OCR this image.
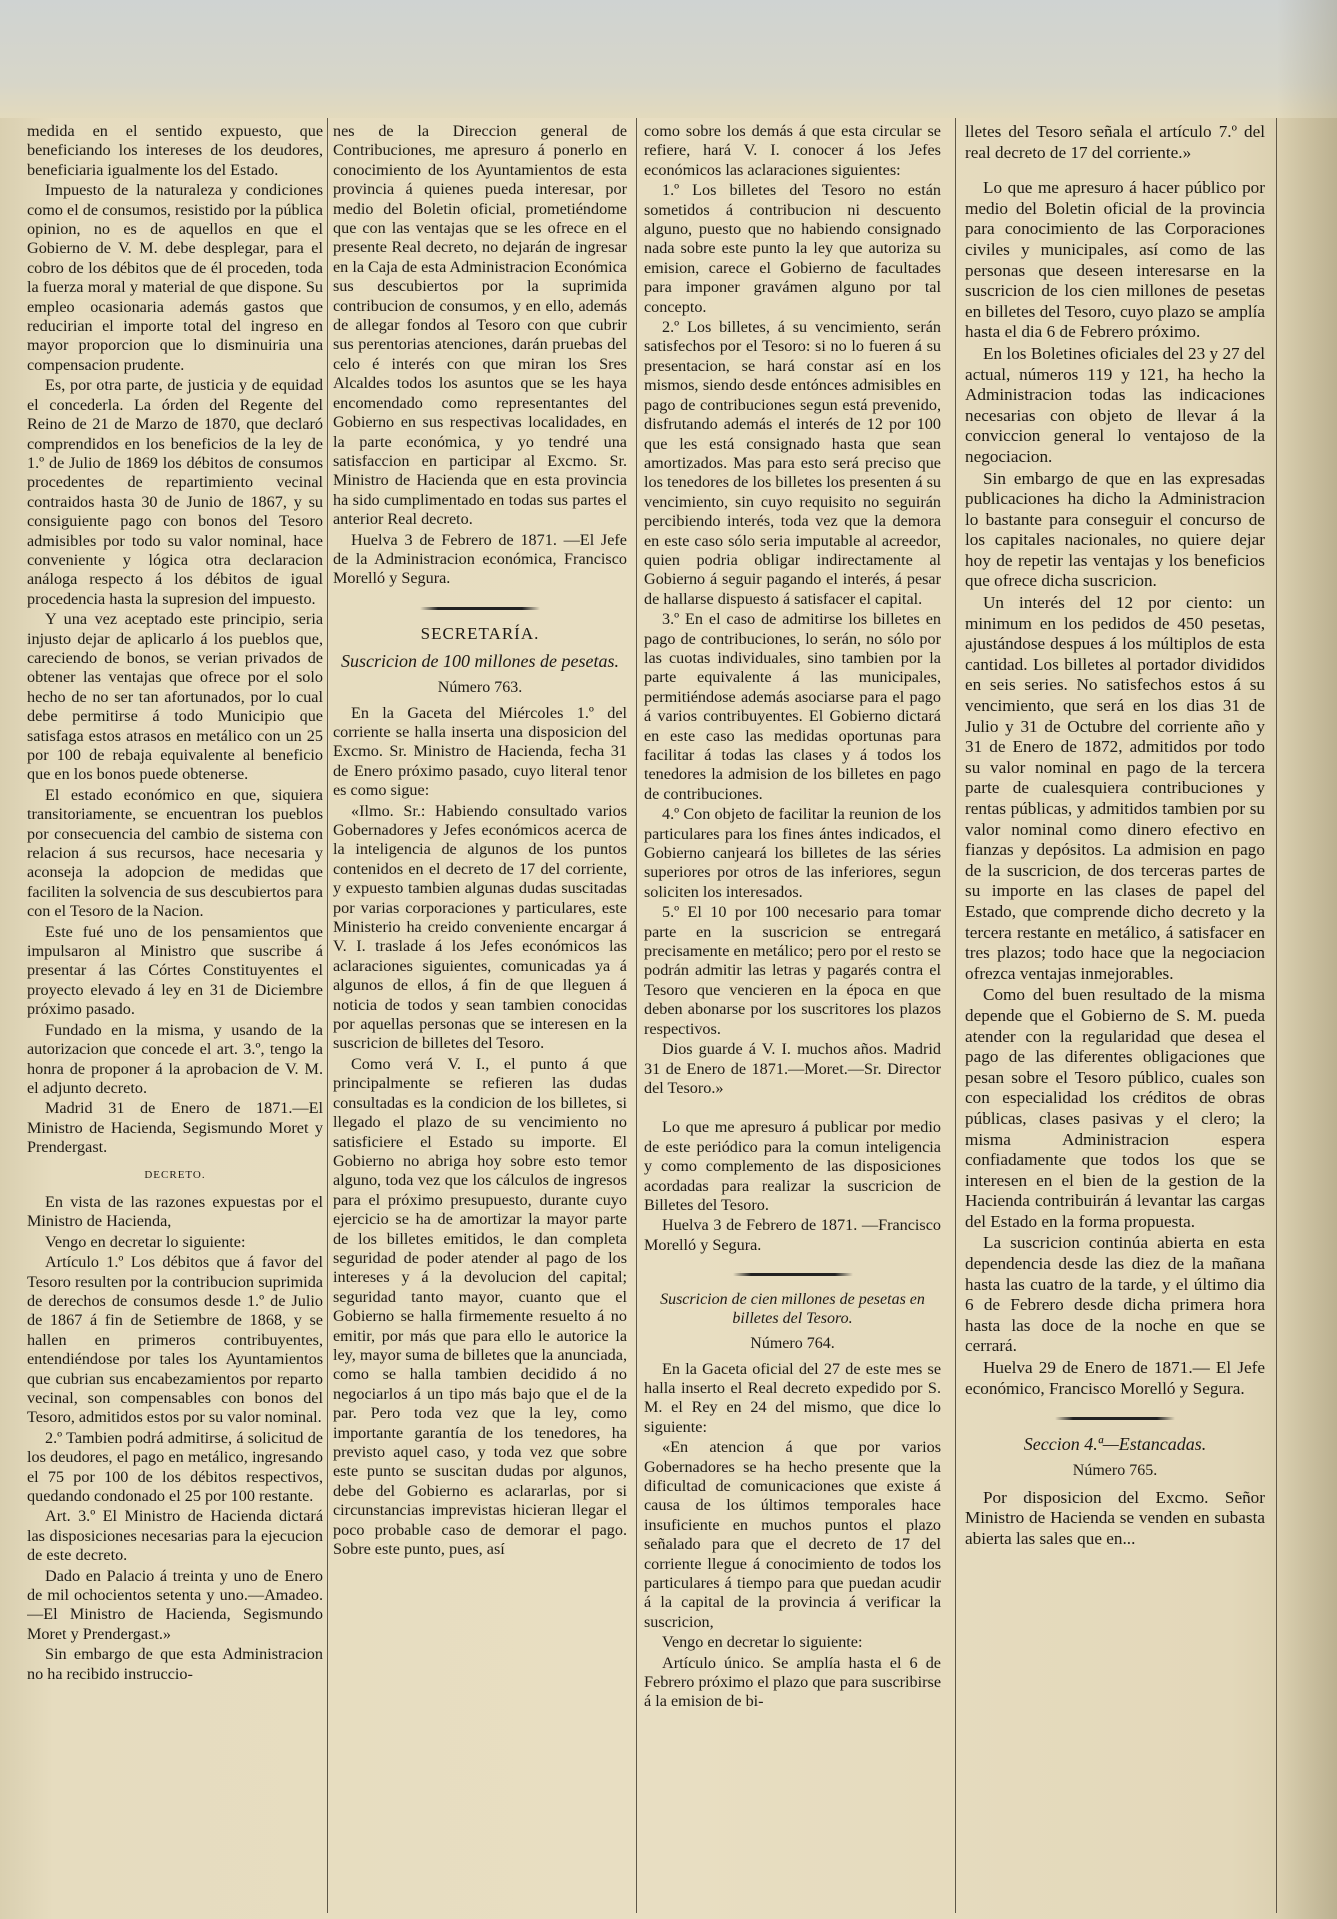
medida en el sentido expuesto, que beneficiando los intereses de los deudores, beneficiaria igualmente los del Estado.

Impuesto de la naturaleza y condiciones como el de consumos, resistido por la pública opinion, no es de aquellos en que el Gobierno de V. M. debe desplegar, para el cobro de los débitos que de él proceden, toda la fuerza moral y material de que dispone. Su empleo ocasionaria además gastos que reducirian el importe total del ingreso en mayor proporcion que lo disminuiria una compensacion prudente.

Es, por otra parte, de justicia y de equidad el concederla. La órden del Regente del Reino de 21 de Marzo de 1870, que declaró comprendidos en los beneficios de la ley de 1.º de Julio de 1869 los débitos de consumos procedentes de repartimiento vecinal contraidos hasta 30 de Junio de 1867, y su consiguiente pago con bonos del Tesoro admisibles por todo su valor nominal, hace conveniente y lógica otra declaracion análoga respecto á los débitos de igual procedencia hasta la supresion del impuesto.

Y una vez aceptado este principio, seria injusto dejar de aplicarlo á los pueblos que, careciendo de bonos, se verian privados de obtener las ventajas que ofrece por el solo hecho de no ser tan afortunados, por lo cual debe permitirse á todo Municipio que satisfaga estos atrasos en metálico con un 25 por 100 de rebaja equivalente al beneficio que en los bonos puede obtenerse.

El estado económico en que, siquiera transitoriamente, se encuentran los pueblos por consecuencia del cambio de sistema con relacion á sus recursos, hace necesaria y aconseja la adopcion de medidas que faciliten la solvencia de sus descubiertos para con el Tesoro de la Nacion.

Este fué uno de los pensamientos que impulsaron al Ministro que suscribe á presentar á las Córtes Constituyentes el proyecto elevado á ley en 31 de Diciembre próximo pasado.

Fundado en la misma, y usando de la autorizacion que concede el art. 3.º, tengo la honra de proponer á la aprobacion de V. M. el adjunto decreto.

Madrid 31 de Enero de 1871.—El Ministro de Hacienda, Segismundo Moret y Prendergast.

DECRETO.

En vista de las razones expuestas por el Ministro de Hacienda,

Vengo en decretar lo siguiente:

Artículo 1.º Los débitos que á favor del Tesoro resulten por la contribucion suprimida de derechos de consumos desde 1.º de Julio de 1867 á fin de Setiembre de 1868, y se hallen en primeros contribuyentes, entendiéndose por tales los Ayuntamientos que cubrian sus encabezamientos por reparto vecinal, son compensables con bonos del Tesoro, admitidos estos por su valor nominal.

2.º Tambien podrá admitirse, á solicitud de los deudores, el pago en metálico, ingresando el 75 por 100 de los débitos respectivos, quedando condonado el 25 por 100 restante.

Art. 3.º El Ministro de Hacienda dictará las disposiciones necesarias para la ejecucion de este decreto.

Dado en Palacio á treinta y uno de Enero de mil ochocientos setenta y uno.—Amadeo.—El Ministro de Hacienda, Segismundo Moret y Prendergast.»

Sin embargo de que esta Administracion no ha recibido instruccio-

nes de la Direccion general de Contribuciones, me apresuro á ponerlo en conocimiento de los Ayuntamientos de esta provincia á quienes pueda interesar, por medio del Boletin oficial, prometiéndome que con las ventajas que se les ofrece en el presente Real decreto, no dejarán de ingresar en la Caja de esta Administracion Económica sus descubiertos por la suprimida contribucion de consumos, y en ello, además de allegar fondos al Tesoro con que cubrir sus perentorias atenciones, darán pruebas del celo é interés con que miran los Sres Alcaldes todos los asuntos que se les haya encomendado como representantes del Gobierno en sus respectivas localidades, en la parte económica, y yo tendré una satisfaccion en participar al Excmo. Sr. Ministro de Hacienda que en esta provincia ha sido cumplimentado en todas sus partes el anterior Real decreto.

Huelva 3 de Febrero de 1871. —El Jefe de la Administracion económica, Francisco Morelló y Segura.

SECRETARÍA.

Suscricion de 100 millones de pesetas.

Número 763.

En la Gaceta del Miércoles 1.º del corriente se halla inserta una disposicion del Excmo. Sr. Ministro de Hacienda, fecha 31 de Enero próximo pasado, cuyo literal tenor es como sigue:

«Ilmo. Sr.: Habiendo consultado varios Gobernadores y Jefes económicos acerca de la inteligencia de algunos de los puntos contenidos en el decreto de 17 del corriente, y expuesto tambien algunas dudas suscitadas por varias corporaciones y particulares, este Ministerio ha creido conveniente encargar á V. I. traslade á los Jefes económicos las aclaraciones siguientes, comunicadas ya á algunos de ellos, á fin de que lleguen á noticia de todos y sean tambien conocidas por aquellas personas que se interesen en la suscricion de billetes del Tesoro.

Como verá V. I., el punto á que principalmente se refieren las dudas consultadas es la condicion de los billetes, si llegado el plazo de su vencimiento no satisficiere el Estado su importe. El Gobierno no abriga hoy sobre esto temor alguno, toda vez que los cálculos de ingresos para el próximo presupuesto, durante cuyo ejercicio se ha de amortizar la mayor parte de los billetes emitidos, le dan completa seguridad de poder atender al pago de los intereses y á la devolucion del capital; seguridad tanto mayor, cuanto que el Gobierno se halla firmemente resuelto á no emitir, por más que para ello le autorice la ley, mayor suma de billetes que la anunciada, como se halla tambien decidido á no negociarlos á un tipo más bajo que el de la par. Pero toda vez que la ley, como importante garantía de los tenedores, ha previsto aquel caso, y toda vez que sobre este punto se suscitan dudas por algunos, debe del Gobierno es aclararlas, por si circunstancias imprevistas hicieran llegar el poco probable caso de demorar el pago. Sobre este punto, pues, así

como sobre los demás á que esta circular se refiere, hará V. I. conocer á los Jefes económicos las aclaraciones siguientes:

1.º Los billetes del Tesoro no están sometidos á contribucion ni descuento alguno, puesto que no habiendo consignado nada sobre este punto la ley que autoriza su emision, carece el Gobierno de facultades para imponer gravámen alguno por tal concepto.

2.º Los billetes, á su vencimiento, serán satisfechos por el Tesoro: si no lo fueren á su presentacion, se hará constar así en los mismos, siendo desde entónces admisibles en pago de contribuciones segun está prevenido, disfrutando además el interés de 12 por 100 que les está consignado hasta que sean amortizados. Mas para esto será preciso que los tenedores de los billetes los presenten á su vencimiento, sin cuyo requisito no seguirán percibiendo interés, toda vez que la demora en este caso sólo seria imputable al acreedor, quien podria obligar indirectamente al Gobierno á seguir pagando el interés, á pesar de hallarse dispuesto á satisfacer el capital.

3.º En el caso de admitirse los billetes en pago de contribuciones, lo serán, no sólo por las cuotas individuales, sino tambien por la parte equivalente á las municipales, permitiéndose además asociarse para el pago á varios contribuyentes. El Gobierno dictará en este caso las medidas oportunas para facilitar á todas las clases y á todos los tenedores la admision de los billetes en pago de contribuciones.

4.º Con objeto de facilitar la reunion de los particulares para los fines ántes indicados, el Gobierno canjeará los billetes de las séries superiores por otros de las inferiores, segun soliciten los interesados.

5.º El 10 por 100 necesario para tomar parte en la suscricion se entregará precisamente en metálico; pero por el resto se podrán admitir las letras y pagarés contra el Tesoro que vencieren en la época en que deben abonarse por los suscritores los plazos respectivos.

Dios guarde á V. I. muchos años. Madrid 31 de Enero de 1871.—Moret.—Sr. Director del Tesoro.»

Lo que me apresuro á publicar por medio de este periódico para la comun inteligencia y como complemento de las disposiciones acordadas para realizar la suscricion de Billetes del Tesoro.

Huelva 3 de Febrero de 1871. —Francisco Morelló y Segura.

Suscricion de cien millones de pesetas en billetes del Tesoro.

Número 764.

En la Gaceta oficial del 27 de este mes se halla inserto el Real decreto expedido por S. M. el Rey en 24 del mismo, que dice lo siguiente:

«En atencion á que por varios Gobernadores se ha hecho presente que la dificultad de comunicaciones que existe á causa de los últimos temporales hace insuficiente en muchos puntos el plazo señalado para que el decreto de 17 del corriente llegue á conocimiento de todos los particulares á tiempo para que puedan acudir á la capital de la provincia á verificar la suscricion,

Vengo en decretar lo siguiente:

Artículo único. Se amplía hasta el 6 de Febrero próximo el plazo que para suscribirse á la emision de bi-

lletes del Tesoro señala el artículo 7.º del real decreto de 17 del corriente.»

Lo que me apresuro á hacer público por medio del Boletin oficial de la provincia para conocimiento de las Corporaciones civiles y municipales, así como de las personas que deseen interesarse en la suscricion de los cien millones de pesetas en billetes del Tesoro, cuyo plazo se amplía hasta el dia 6 de Febrero próximo.

En los Boletines oficiales del 23 y 27 del actual, números 119 y 121, ha hecho la Administracion todas las indicaciones necesarias con objeto de llevar á la conviccion general lo ventajoso de la negociacion.

Sin embargo de que en las expresadas publicaciones ha dicho la Administracion lo bastante para conseguir el concurso de los capitales nacionales, no quiere dejar hoy de repetir las ventajas y los beneficios que ofrece dicha suscricion.

Un interés del 12 por ciento: un minimum en los pedidos de 450 pesetas, ajustándose despues á los múltiplos de esta cantidad. Los billetes al portador divididos en seis series. No satisfechos estos á su vencimiento, que será en los dias 31 de Julio y 31 de Octubre del corriente año y 31 de Enero de 1872, admitidos por todo su valor nominal en pago de la tercera parte de cualesquiera contribuciones y rentas públicas, y admitidos tambien por su valor nominal como dinero efectivo en fianzas y depósitos. La admision en pago de la suscricion, de dos terceras partes de su importe en las clases de papel del Estado, que comprende dicho decreto y la tercera restante en metálico, á satisfacer en tres plazos; todo hace que la negociacion ofrezca ventajas inmejorables.

Como del buen resultado de la misma depende que el Gobierno de S. M. pueda atender con la regularidad que desea el pago de las diferentes obligaciones que pesan sobre el Tesoro público, cuales son con especialidad los créditos de obras públicas, clases pasivas y el clero; la misma Administracion espera confiadamente que todos los que se interesen en el bien de la gestion de la Hacienda contribuirán á levantar las cargas del Estado en la forma propuesta.

La suscricion continúa abierta en esta dependencia desde las diez de la mañana hasta las cuatro de la tarde, y el último dia 6 de Febrero desde dicha primera hora hasta las doce de la noche en que se cerrará.

Huelva 29 de Enero de 1871.— El Jefe económico, Francisco Morelló y Segura.

Seccion 4.ª—Estancadas.

Número 765.

Por disposicion del Excmo. Señor Ministro de Hacienda se venden en subasta abierta las sales que en...
